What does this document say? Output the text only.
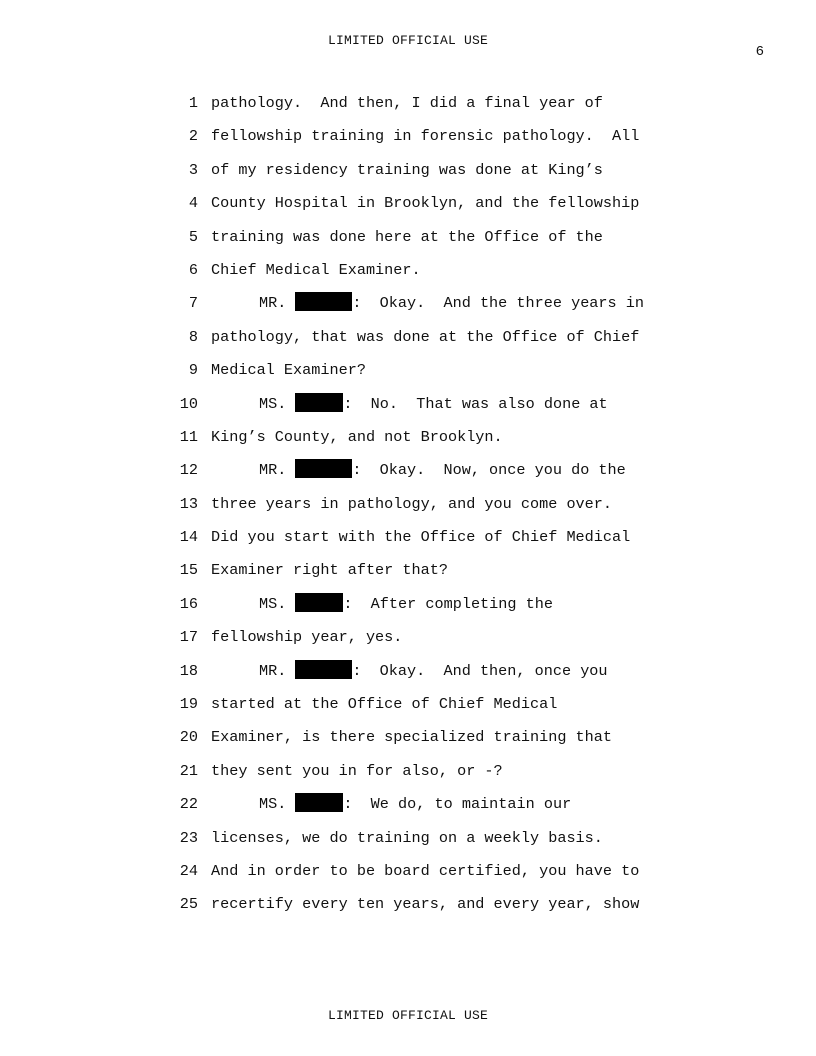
LIMITED OFFICIAL USE
6
1 pathology.  And then, I did a final year of
2 fellowship training in forensic pathology.  All
3 of my residency training was done at King’s
4 County Hospital in Brooklyn, and the fellowship
5 training was done here at the Office of the
6 Chief Medical Examiner.
7	MR.	:  Okay.  And the three years in
8 pathology, that was done at the Office of Chief
9 Medical Examiner?
10	MS.	:  No.  That was also done at
11 King’s County, and not Brooklyn.
12	MR.	:  Okay.  Now, once you do the
13 three years in pathology, and you come over.
14 Did you start with the Office of Chief Medical
15 Examiner right after that?
16	MS.	:  After completing the
17 fellowship year, yes.
18	MR.	:  Okay.  And then, once you
19 started at the Office of Chief Medical
20 Examiner, is there specialized training that
21 they sent you in for also, or -?
22	MS.	:  We do, to maintain our
23 licenses, we do training on a weekly basis.
24 And in order to be board certified, you have to
25 recertify every ten years, and every year, show
LIMITED OFFICIAL USE
